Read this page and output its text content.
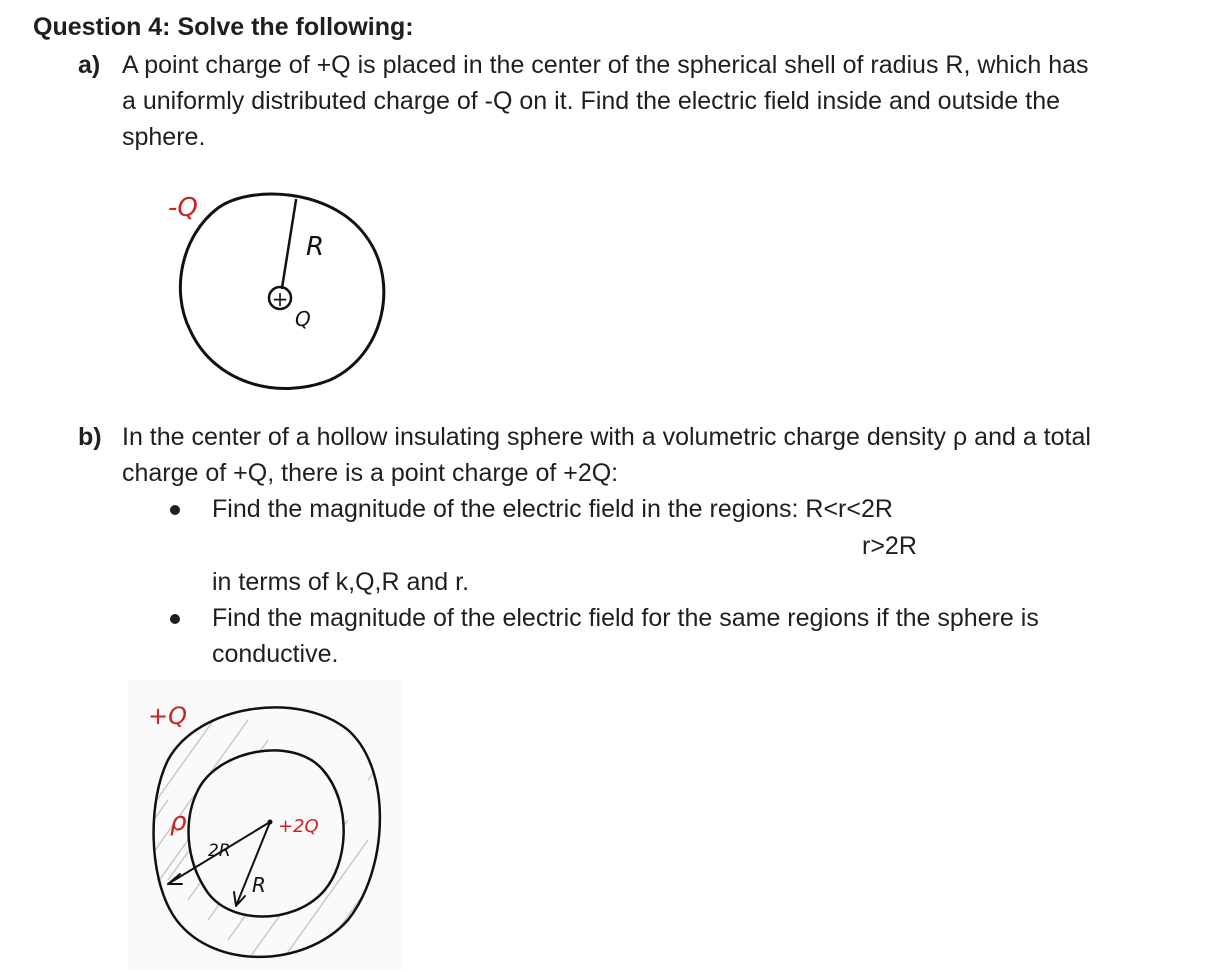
Question 4: Solve the following:
a) A point charge of +Q is placed in the center of the spherical shell of radius R, which has
a uniformly distributed charge of -Q on it. Find the electric field inside and outside the
sphere.
+
Q
R
-Q
b) In the center of a hollow insulating sphere with a volumetric charge density ρ and a total
charge of +Q, there is a point charge of +2Q:
Find the magnitude of the electric field in the regions: R<r<2R
r>2R
in terms of k,Q,R and r.
Find the magnitude of the electric field for the same regions if the sphere is
conductive.
+Q
ρ	+2Q
2R
R
